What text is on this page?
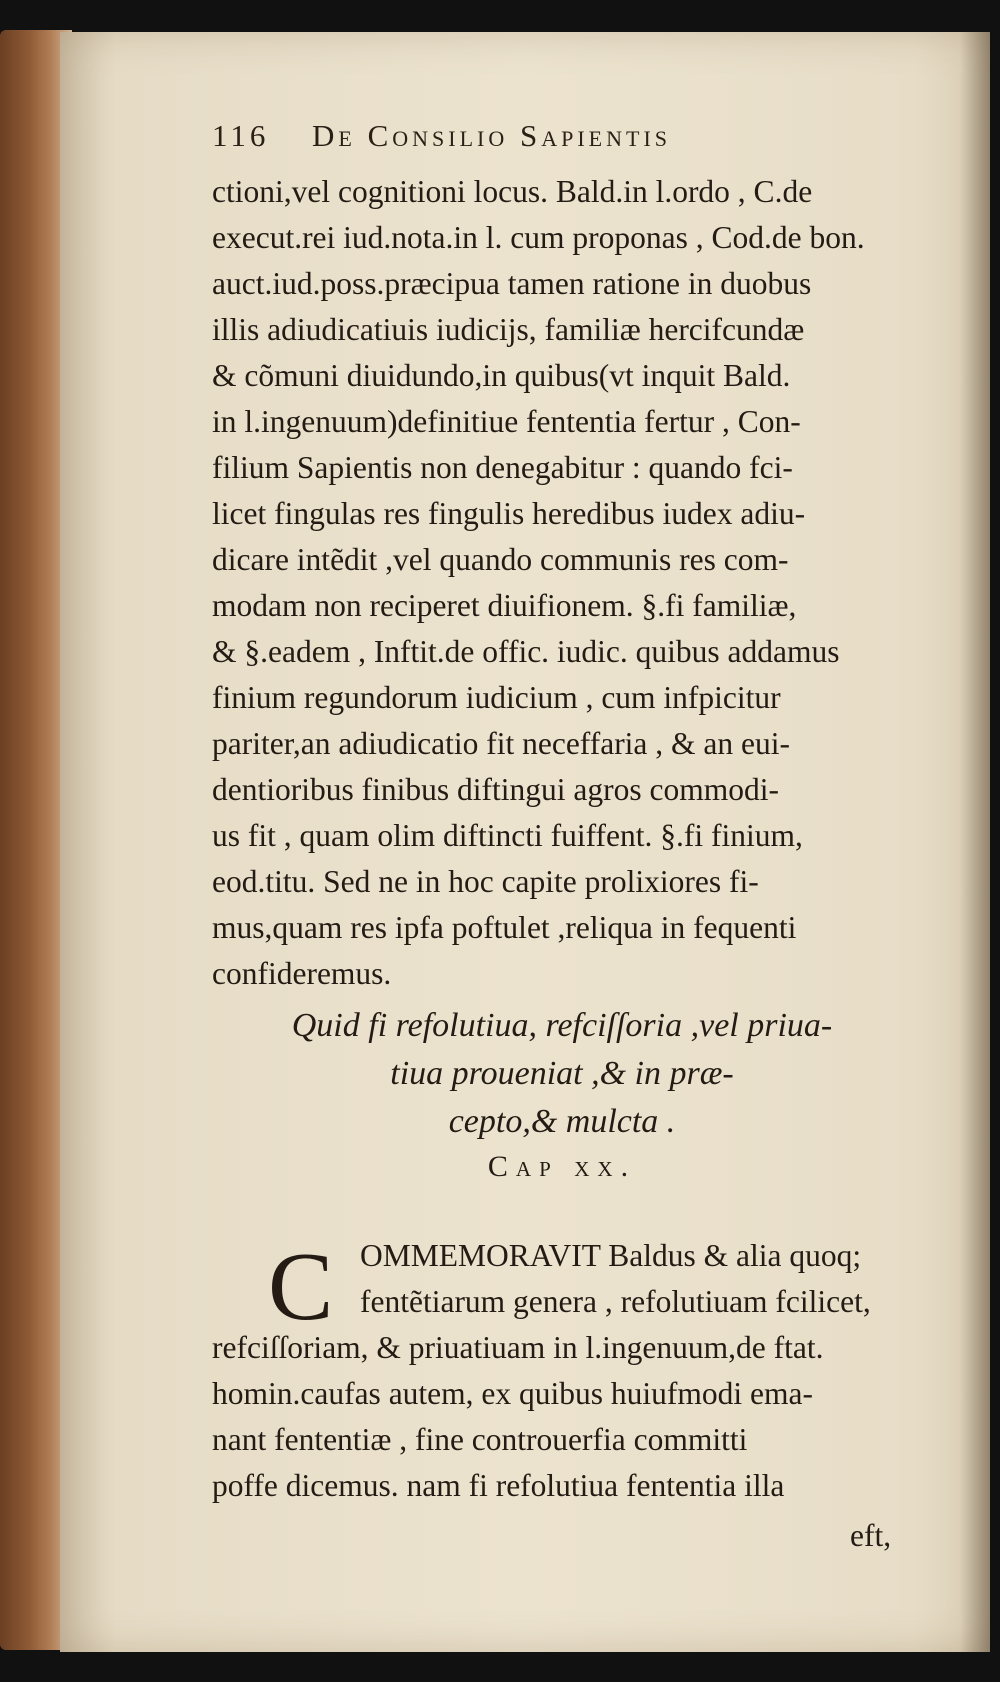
116 De Consilio Sapientis
ctioni,vel cognitioni locus. Bald.in l.ordo , C.de
execut.rei iud.nota.in l. cum proponas , Cod.de bon.
auct.iud.poss.præcipua tamen ratione in duobus
illis adiudicatiuis iudicijs, familiæ hercifcundæ
& cõmuni diuidundo,in quibus(vt inquit Bald.
in l.ingenuum)definitiue fententia fertur , Con-
filium Sapientis non denegabitur : quando fci-
licet fingulas res fingulis heredibus iudex adiu-
dicare intẽdit ,vel quando communis res com-
modam non reciperet diuifionem. §.fi familiæ,
& §.eadem , Inftit.de offic. iudic. quibus addamus
finium regundorum iudicium , cum infpicitur
pariter,an adiudicatio fit neceffaria , & an eui-
dentioribus finibus diftingui agros commodi-
us fit , quam olim diftincti fuiffent. §.fi finium,
eod.titu. Sed ne in hoc capite prolixiores fi-
mus,quam res ipfa poftulet ,reliqua in fequenti
confideremus.
Quid fi refolutiua, refciſſoria ,vel priua-
tiua proueniat ,& in præ-
cepto,& mulcta .
Cap xx.
C OMMEMORAVIT Baldus & alia quoq;
fentẽtiarum genera , refolutiuam fcilicet,
refciſſoriam, & priuatiuam in l.ingenuum,de ftat.
homin.caufas autem, ex quibus huiufmodi ema-
nant fententiæ , fine controuerfia committi
poffe dicemus. nam fi refolutiua fententia illa
eft,
